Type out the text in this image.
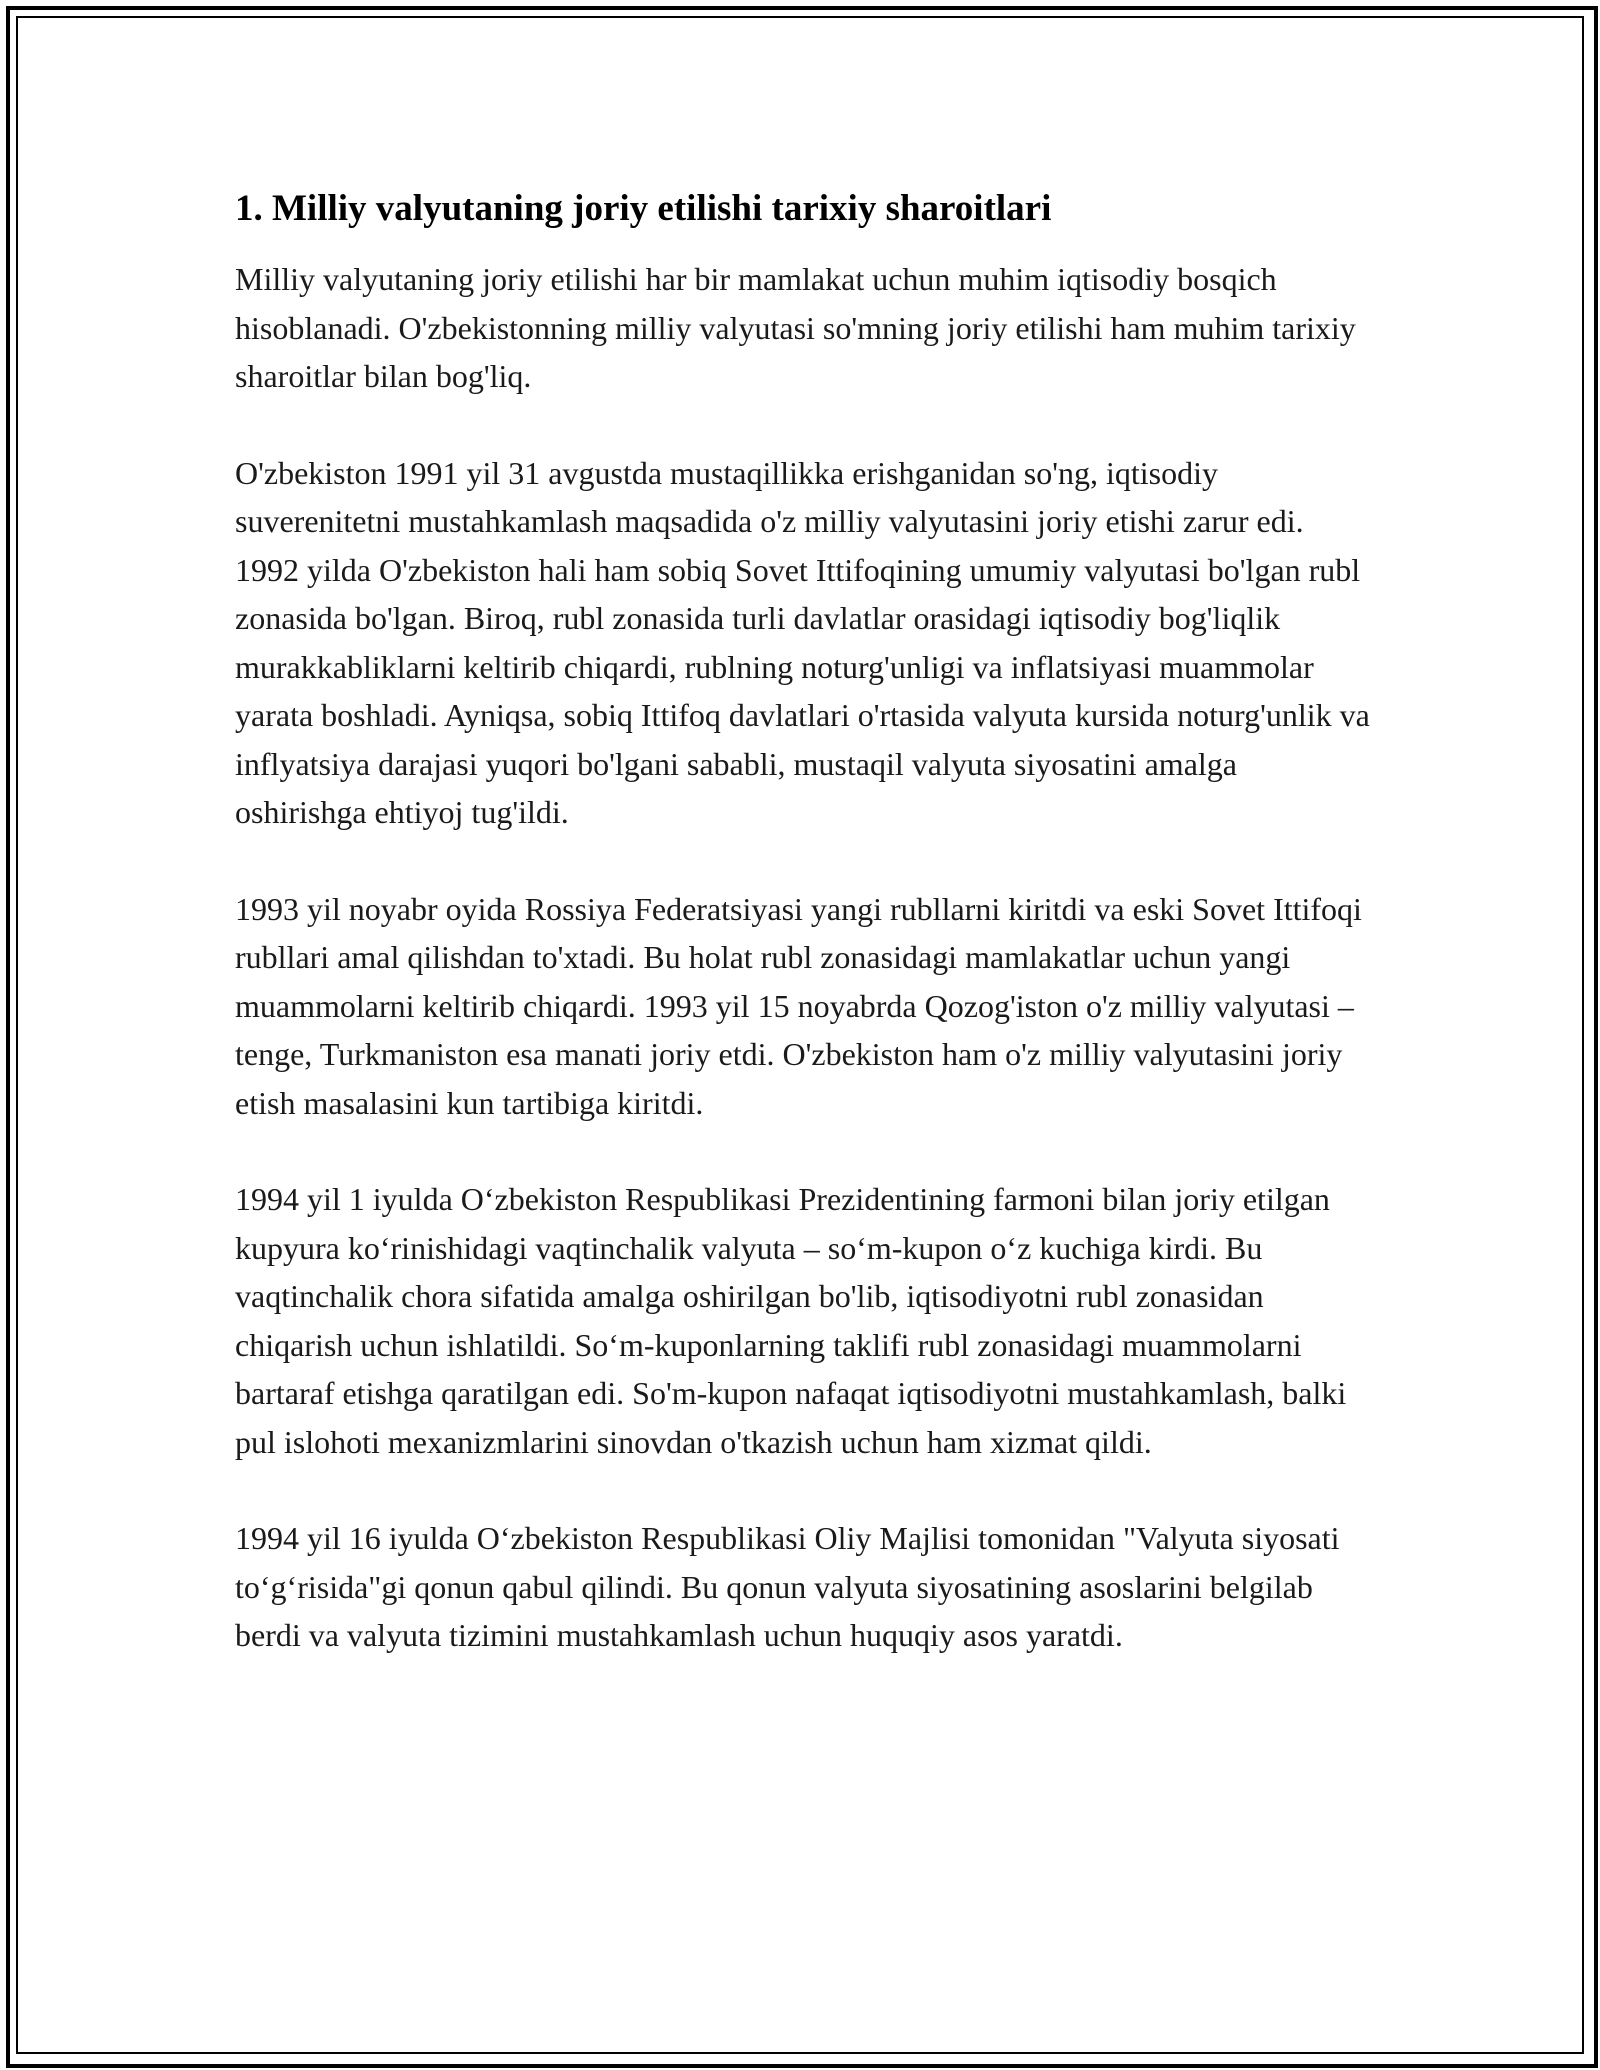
1. Milliy valyutaning joriy etilishi tarixiy sharoitlari

Milliy valyutaning joriy etilishi har bir mamlakat uchun muhim iqtisodiy bosqich hisoblanadi. O'zbekistonning milliy valyutasi so'mning joriy etilishi ham muhim tarixiy sharoitlar bilan bog'liq.

O'zbekiston 1991 yil 31 avgustda mustaqillikka erishganidan so'ng, iqtisodiy suverenitetni mustahkamlash maqsadida o'z milliy valyutasini joriy etishi zarur edi. 1992 yilda O'zbekiston hali ham sobiq Sovet Ittifoqining umumiy valyutasi bo'lgan rubl zonasida bo'lgan. Biroq, rubl zonasida turli davlatlar orasidagi iqtisodiy bog'liqlik murakkabliklarni keltirib chiqardi, rublning noturg'unligi va inflatsiyasi muammolar yarata boshladi. Ayniqsa, sobiq Ittifoq davlatlari o'rtasida valyuta kursida noturg'unlik va inflyatsiya darajasi yuqori bo'lgani sababli, mustaqil valyuta siyosatini amalga oshirishga ehtiyoj tug'ildi.

1993 yil noyabr oyida Rossiya Federatsiyasi yangi rubllarni kiritdi va eski Sovet Ittifoqi rubllari amal qilishdan to'xtadi. Bu holat rubl zonasidagi mamlakatlar uchun yangi muammolarni keltirib chiqardi. 1993 yil 15 noyabrda Qozog'iston o'z milliy valyutasi – tenge, Turkmaniston esa manati joriy etdi. O'zbekiston ham o'z milliy valyutasini joriy etish masalasini kun tartibiga kiritdi.

1994 yil 1 iyulda O‘zbekiston Respublikasi Prezidentining farmoni bilan joriy etilgan kupyura ko‘rinishidagi vaqtinchalik valyuta – so‘m-kupon o‘z kuchiga kirdi. Bu vaqtinchalik chora sifatida amalga oshirilgan bo'lib, iqtisodiyotni rubl zonasidan chiqarish uchun ishlatildi. So‘m-kuponlarning taklifi rubl zonasidagi muammolarni bartaraf etishga qaratilgan edi. So'm-kupon nafaqat iqtisodiyotni mustahkamlash, balki pul islohoti mexanizmlarini sinovdan o'tkazish uchun ham xizmat qildi.

1994 yil 16 iyulda O‘zbekiston Respublikasi Oliy Majlisi tomonidan "Valyuta siyosati to‘g‘risida"gi qonun qabul qilindi. Bu qonun valyuta siyosatining asoslarini belgilab berdi va valyuta tizimini mustahkamlash uchun huquqiy asos yaratdi.
